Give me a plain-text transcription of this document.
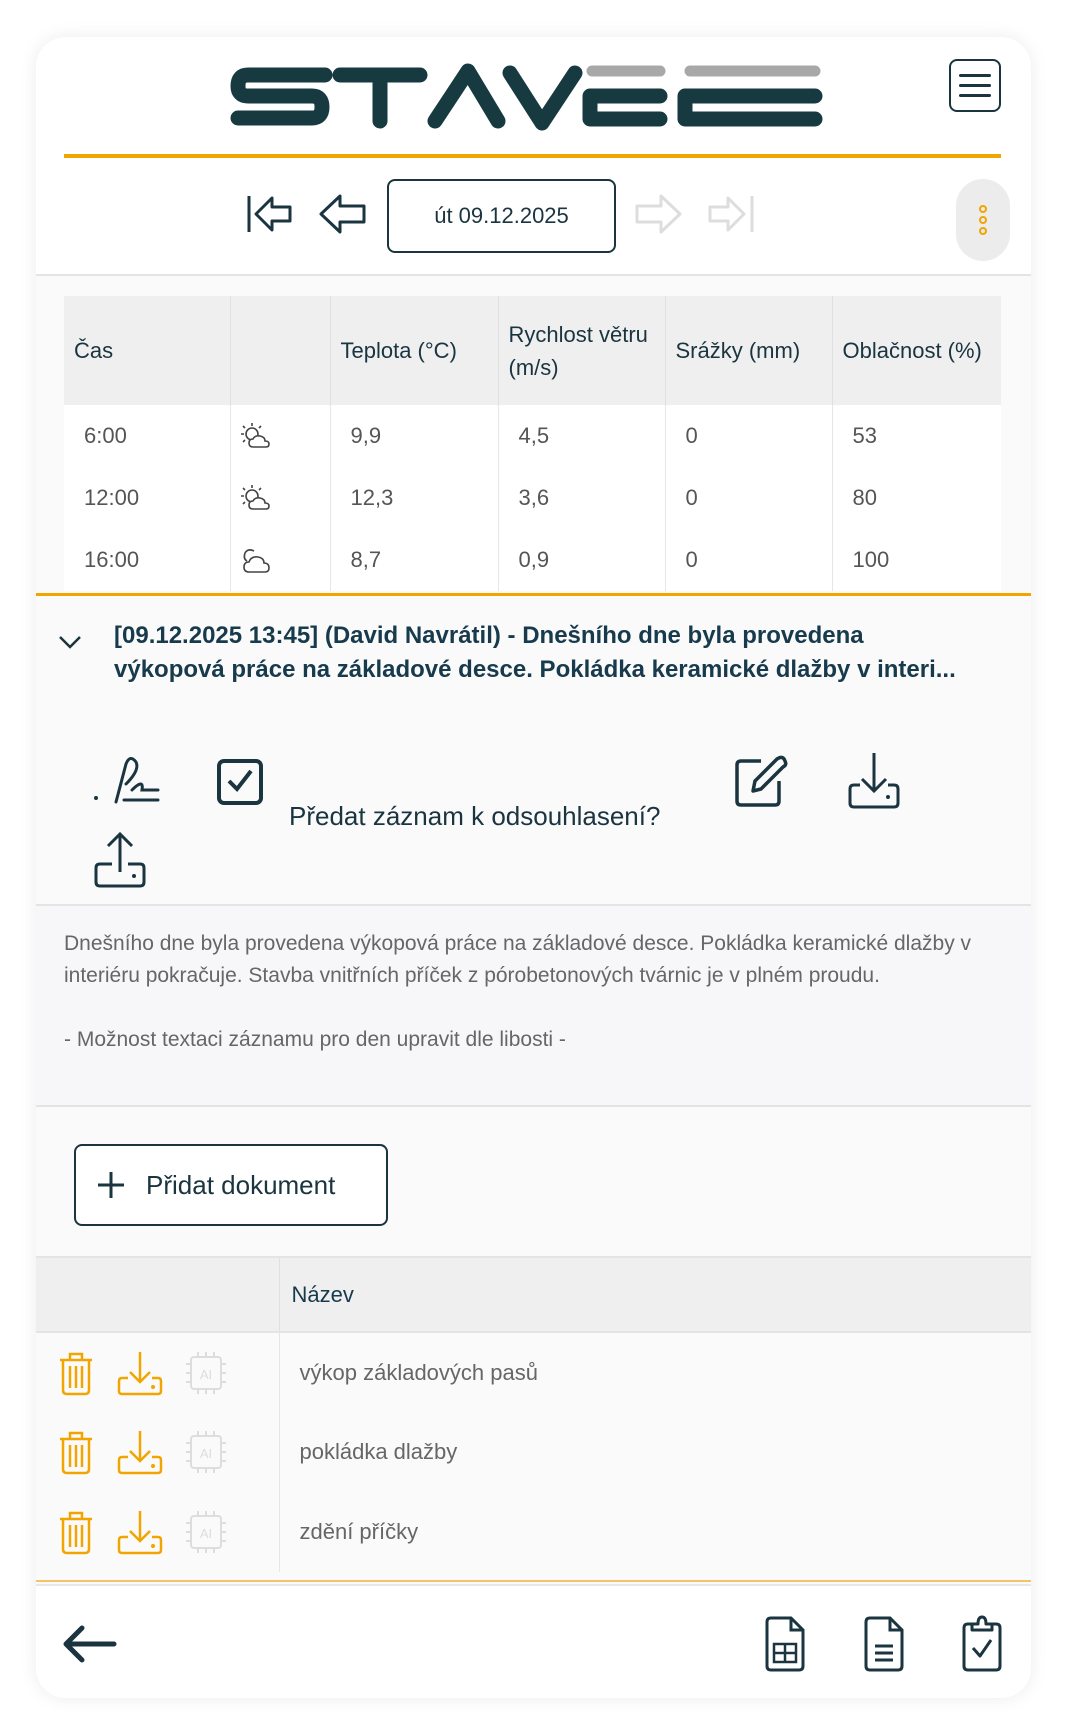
út 09.12.2025
Čas		Teplota (°C)	Rychlost větru (m/s)	Srážky (mm)	Oblačnost (%)
6:00		9,9	4,5	0	53
12:00		12,3	3,6	0	80
16:00		8,7	0,9	0	100
[09.12.2025 13:45] (David Navrátil) - Dnešního dne byla provedena výkopová práce na základové desce. Pokládka keramické dlažby v interi...
Předat záznam k odsouhlasení?
Dnešního dne byla provedena výkopová práce na základové desce. Pokládka keramické dlažby v interiéru pokračuje. Stavba vnitřních příček z pórobetonových tvárnic je v plném proudu.
- Možnost textaci záznamu pro den upravit dle libosti -
Přidat dokument
	Název

AI	výkop základových pasů

AI	pokládka dlažby

AI	zdění příčky
